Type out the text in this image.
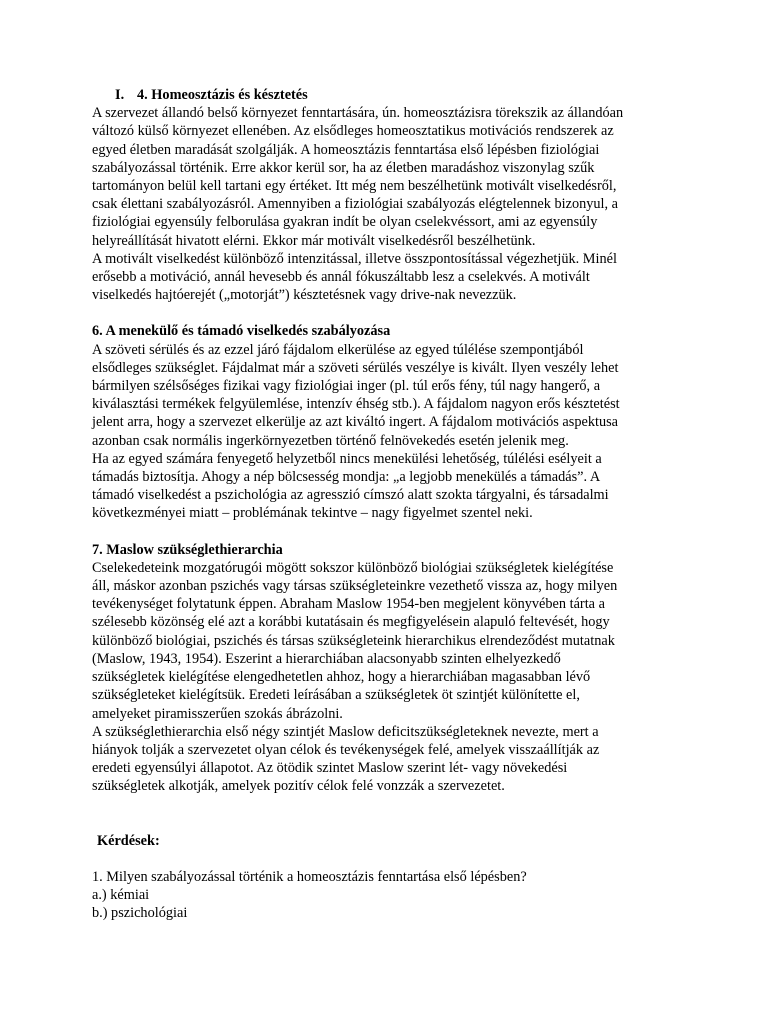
I. 4. Homeosztázis és késztetés

A szervezet állandó belső környezet fenntartására, ún. homeosztázisra törekszik az állandóan
változó külső környezet ellenében. Az elsődleges homeosztatikus motivációs rendszerek az
egyed életben maradását szolgálják. A homeosztázis fenntartása első lépésben fiziológiai
szabályozással történik. Erre akkor kerül sor, ha az életben maradáshoz viszonylag szűk
tartományon belül kell tartani egy értéket. Itt még nem beszélhetünk motivált viselkedésről,
csak élettani szabályozásról. Amennyiben a fiziológiai szabályozás elégtelennek bizonyul, a
fiziológiai egyensúly felborulása gyakran indít be olyan cselekvéssort, ami az egyensúly
helyreállítását hivatott elérni. Ekkor már motivált viselkedésről beszélhetünk.
A motivált viselkedést különböző intenzitással, illetve összpontosítással végezhetjük. Minél
erősebb a motiváció, annál hevesebb és annál fókuszáltabb lesz a cselekvés. A motivált
viselkedés hajtóerejét („motorját”) késztetésnek vagy drive-nak nevezzük.

6. A menekülő és támadó viselkedés szabályozása

A szöveti sérülés és az ezzel járó fájdalom elkerülése az egyed túlélése szempontjából
elsődleges szükséglet. Fájdalmat már a szöveti sérülés veszélye is kivált. Ilyen veszély lehet
bármilyen szélsőséges fizikai vagy fiziológiai inger (pl. túl erős fény, túl nagy hangerő, a
kiválasztási termékek felgyülemlése, intenzív éhség stb.). A fájdalom nagyon erős késztetést
jelent arra, hogy a szervezet elkerülje az azt kiváltó ingert. A fájdalom motivációs aspektusa
azonban csak normális ingerkörnyezetben történő felnövekedés esetén jelenik meg.
Ha az egyed számára fenyegető helyzetből nincs menekülési lehetőség, túlélési esélyeit a
támadás biztosítja. Ahogy a nép bölcsesség mondja: „a legjobb menekülés a támadás”. A
támadó viselkedést a pszichológia az agresszió címszó alatt szokta tárgyalni, és társadalmi
következményei miatt – problémának tekintve – nagy figyelmet szentel neki.

7. Maslow szükséglethierarchia

Cselekedeteink mozgatórugói mögött sokszor különböző biológiai szükségletek kielégítése
áll, máskor azonban pszichés vagy társas szükségleteinkre vezethető vissza az, hogy milyen
tevékenységet folytatunk éppen. Abraham Maslow 1954-ben megjelent könyvében tárta a
szélesebb közönség elé azt a korábbi kutatásain és megfigyelésein alapuló feltevését, hogy
különböző biológiai, pszichés és társas szükségleteink hierarchikus elrendeződést mutatnak
(Maslow, 1943, 1954). Eszerint a hierarchiában alacsonyabb szinten elhelyezkedő
szükségletek kielégítése elengedhetetlen ahhoz, hogy a hierarchiában magasabban lévő
szükségleteket kielégítsük. Eredeti leírásában a szükségletek öt szintjét különítette el,
amelyeket piramisszerűen szokás ábrázolni.
A szükséglethierarchia első négy szintjét Maslow deficitszükségleteknek nevezte, mert a
hiányok tolják a szervezetet olyan célok és tevékenységek felé, amelyek visszaállítják az
eredeti egyensúlyi állapotot. Az ötödik szintet Maslow szerint lét- vagy növekedési
szükségletek alkotják, amelyek pozitív célok felé vonzzák a szervezetet.

Kérdések:

1. Milyen szabályozással történik a homeosztázis fenntartása első lépésben?

a.) kémiai

b.) pszichológiai
